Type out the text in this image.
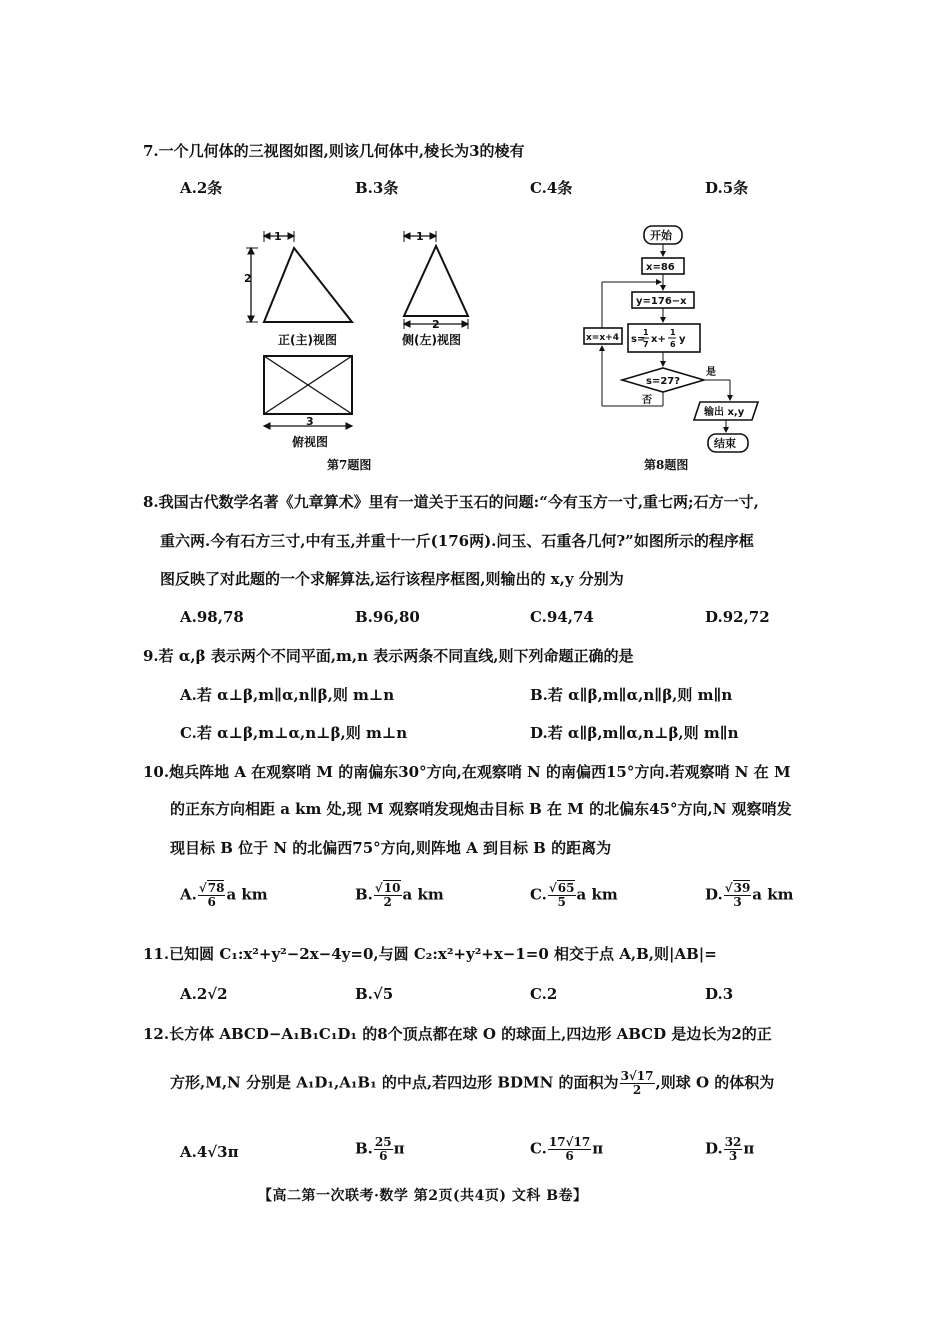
7.一个几何体的三视图如图,则该几何体中,棱长为3的棱有
A.2条	B.3条	C.4条	D.5条
1
2
正(主)视图
1
2
侧(左)视图
3
俯视图
第7题图
开始
x=86
y=176−x
s=
1
7 x+
1
6 y
s=27?
是
输出 x,y
结束
否
x=x+4
第8题图
8.我国古代数学名著《九章算术》里有一道关于玉石的问题:“今有玉方一寸,重七两;石方一寸,
重六两.今有石方三寸,中有玉,并重十一斤(176两).问玉、石重各几何?”如图所示的程序框
图反映了对此题的一个求解算法,运行该程序框图,则输出的 x,y 分别为
A.98,78	B.96,80	C.94,74	D.92,72
9.若 α,β 表示两个不同平面,m,n 表示两条不同直线,则下列命题正确的是
A.若 α⊥β,m∥α,n∥β,则 m⊥n	B.若 α∥β,m∥α,n∥β,则 m∥n
C.若 α⊥β,m⊥α,n⊥β,则 m⊥n	D.若 α∥β,m∥α,n⊥β,则 m∥n
10.炮兵阵地 A 在观察哨 M 的南偏东30°方向,在观察哨 N 的南偏西15°方向.若观察哨 N 在 M
的正东方向相距 a km 处,现 M 观察哨发现炮击目标 B 在 M 的北偏东45°方向,N 观察哨发
现目标 B 位于 N 的北偏西75°方向,则阵地 A 到目标 B 的距离为
A. $\frac{√78}{6}$ a km	B. $\frac{√10}{2}$ a km	C. $\frac{√65}{5}$ a km	D. $\frac{√39}{3}$ a km
11.已知圆 C₁:x²+y²−2x−4y=0,与圆 C₂:x²+y²+x−1=0 相交于点 A,B,则|AB|=
A.2√2	B.√5	C.2	D.3
12.长方体 ABCD−A₁B₁C₁D₁ 的8个顶点都在球 O 的球面上,四边形 ABCD 是边长为2的正
方形,M,N 分别是 A₁D₁,A₁B₁ 的中点,若四边形 BDMN 的面积为 $\frac{3√17}{2}$ ,则球 O 的体积为
A.4√3π	B. $\frac{25}{6}$ π	C. $\frac{17√17}{6}$ π	D. $\frac{32}{3}$ π
【高二第一次联考·数学 第2页(共4页) 文科 B卷】
